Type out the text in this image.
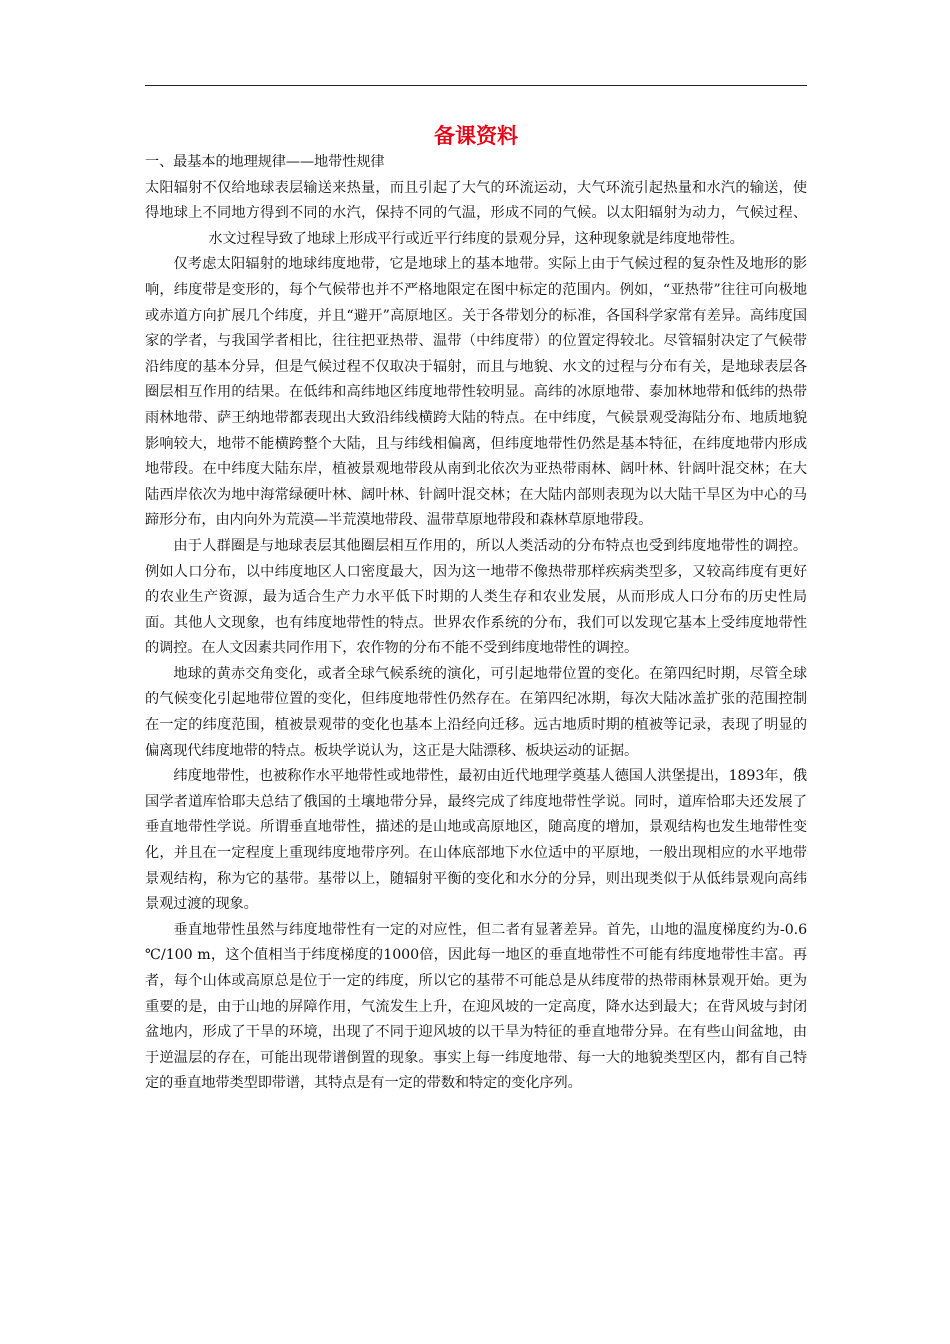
备课资料

一、最基本的地理规律——地带性规律

太阳辐射不仅给地球表层输送来热量，而且引起了大气的环流运动，大气环流引起热量和水汽的输送，使得地球上不同地方得到不同的水汽，保持不同的气温，形成不同的气候。以太阳辐射为动力，气候过程、水文过程导致了地球上形成平行或近平行纬度的景观分异，这种现象就是纬度地带性。

仅考虑太阳辐射的地球纬度地带，它是地球上的基本地带。实际上由于气候过程的复杂性及地形的影响，纬度带是变形的，每个气候带也并不严格地限定在图中标定的范围内。例如，“亚热带”往往可向极地或赤道方向扩展几个纬度，并且“避开”高原地区。关于各带划分的标准，各国科学家常有差异。高纬度国家的学者，与我国学者相比，往往把亚热带、温带（中纬度带）的位置定得较北。尽管辐射决定了气候带沿纬度的基本分异，但是气候过程不仅取决于辐射，而且与地貌、水文的过程与分布有关，是地球表层各圈层相互作用的结果。在低纬和高纬地区纬度地带性较明显。高纬的冰原地带、泰加林地带和低纬的热带雨林地带、萨王纳地带都表现出大致沿纬线横跨大陆的特点。在中纬度，气候景观受海陆分布、地质地貌影响较大，地带不能横跨整个大陆，且与纬线相偏离，但纬度地带性仍然是基本特征，在纬度地带内形成地带段。在中纬度大陆东岸，植被景观地带段从南到北依次为亚热带雨林、阔叶林、针阔叶混交林；在大陆西岸依次为地中海常绿硬叶林、阔叶林、针阔叶混交林；在大陆内部则表现为以大陆干旱区为中心的马蹄形分布，由内向外为荒漠—半荒漠地带段、温带草原地带段和森林草原地带段。

由于人群圈是与地球表层其他圈层相互作用的，所以人类活动的分布特点也受到纬度地带性的调控。例如人口分布，以中纬度地区人口密度最大，因为这一地带不像热带那样疾病类型多，又较高纬度有更好的农业生产资源，最为适合生产力水平低下时期的人类生存和农业发展，从而形成人口分布的历史性局面。其他人文现象，也有纬度地带性的特点。世界农作系统的分布，我们可以发现它基本上受纬度地带性的调控。在人文因素共同作用下，农作物的分布不能不受到纬度地带性的调控。

地球的黄赤交角变化，或者全球气候系统的演化，可引起地带位置的变化。在第四纪时期，尽管全球的气候变化引起地带位置的变化，但纬度地带性仍然存在。在第四纪冰期，每次大陆冰盖扩张的范围控制在一定的纬度范围，植被景观带的变化也基本上沿经向迁移。远古地质时期的植被等记录，表现了明显的偏离现代纬度地带的特点。板块学说认为，这正是大陆漂移、板块运动的证据。

纬度地带性，也被称作水平地带性或地带性，最初由近代地理学奠基人德国人洪堡提出，1893年，俄国学者道库恰耶夫总结了俄国的土壤地带分异，最终完成了纬度地带性学说。同时，道库恰耶夫还发展了垂直地带性学说。所谓垂直地带性，描述的是山地或高原地区，随高度的增加，景观结构也发生地带性变化，并且在一定程度上重现纬度地带序列。在山体底部地下水位适中的平原地，一般出现相应的水平地带景观结构，称为它的基带。基带以上，随辐射平衡的变化和水分的分异，则出现类似于从低纬景观向高纬景观过渡的现象。

垂直地带性虽然与纬度地带性有一定的对应性，但二者有显著差异。首先，山地的温度梯度约为-0.6 ℃/100 m，这个值相当于纬度梯度的1000倍，因此每一地区的垂直地带性不可能有纬度地带性丰富。再者，每个山体或高原总是位于一定的纬度，所以它的基带不可能总是从纬度带的热带雨林景观开始。更为重要的是，由于山地的屏障作用，气流发生上升，在迎风坡的一定高度，降水达到最大；在背风坡与封闭盆地内，形成了干旱的环境，出现了不同于迎风坡的以干旱为特征的垂直地带分异。在有些山间盆地，由于逆温层的存在，可能出现带谱倒置的现象。事实上每一纬度地带、每一大的地貌类型区内，都有自己特定的垂直地带类型即带谱，其特点是有一定的带数和特定的变化序列。
